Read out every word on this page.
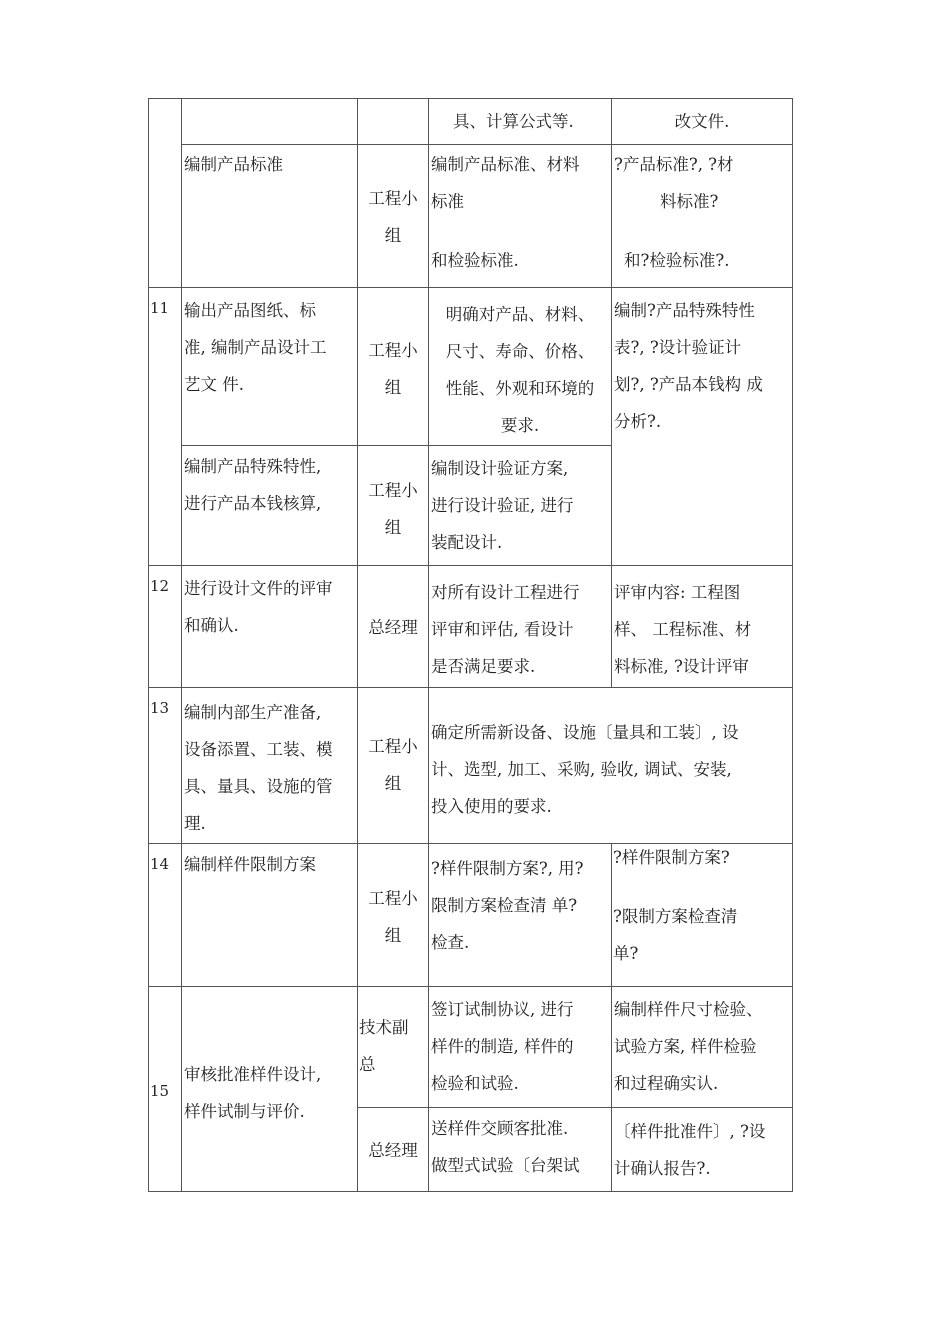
具、计算公式等.	改文件.
编制产品标准
工程小
组
编制产品标准、材料
标准
和检验标准.
?产品标准?, ?材
料标准?
和?检验标准?.
11 输出产品图纸、标
准, 编制产品设计工
艺文 件.
工程小
组
明确对产品、材料、
尺寸、寿命、价格、
性能、外观和环境的
要求.
编制?产品特殊特性
表?, ?设计验证计
划?, ?产品本钱构 成
分析?.
编制产品特殊特性,
进行产品本钱核算,
工程小
组
编制设计验证方案,
进行设计验证, 进行
装配设计.
12 进行设计文件的评审
和确认.	总经理
对所有设计工程进行
评审和评估, 看设计
是否满足要求.
评审内容: 工程图
样、 工程标准、材
料标准, ?设计评审
13 编制内部生产准备,
设备添置、工装、模
具、量具、设施的管
理.
工程小
组
确定所需新设备、设施〔量具和工装〕, 设
计、选型, 加工、采购, 验收, 调试、安装,
投入使用的要求.
14 编制样件限制方案
工程小
组
?样件限制方案?, 用?
限制方案检查清 单?
检查.
?样件限制方案?
?限制方案检查清
单?
15
审核批准样件设计,
样件试制与评价.
技术副
总
签订试制协议, 进行
样件的制造, 样件的
检验和试验.
编制样件尺寸检验、
试验方案, 样件检验
和过程确实认.
总经理
送样件交顾客批准.
做型式试验〔台架试
〔样件批准件〕, ?设
计确认报告?.
